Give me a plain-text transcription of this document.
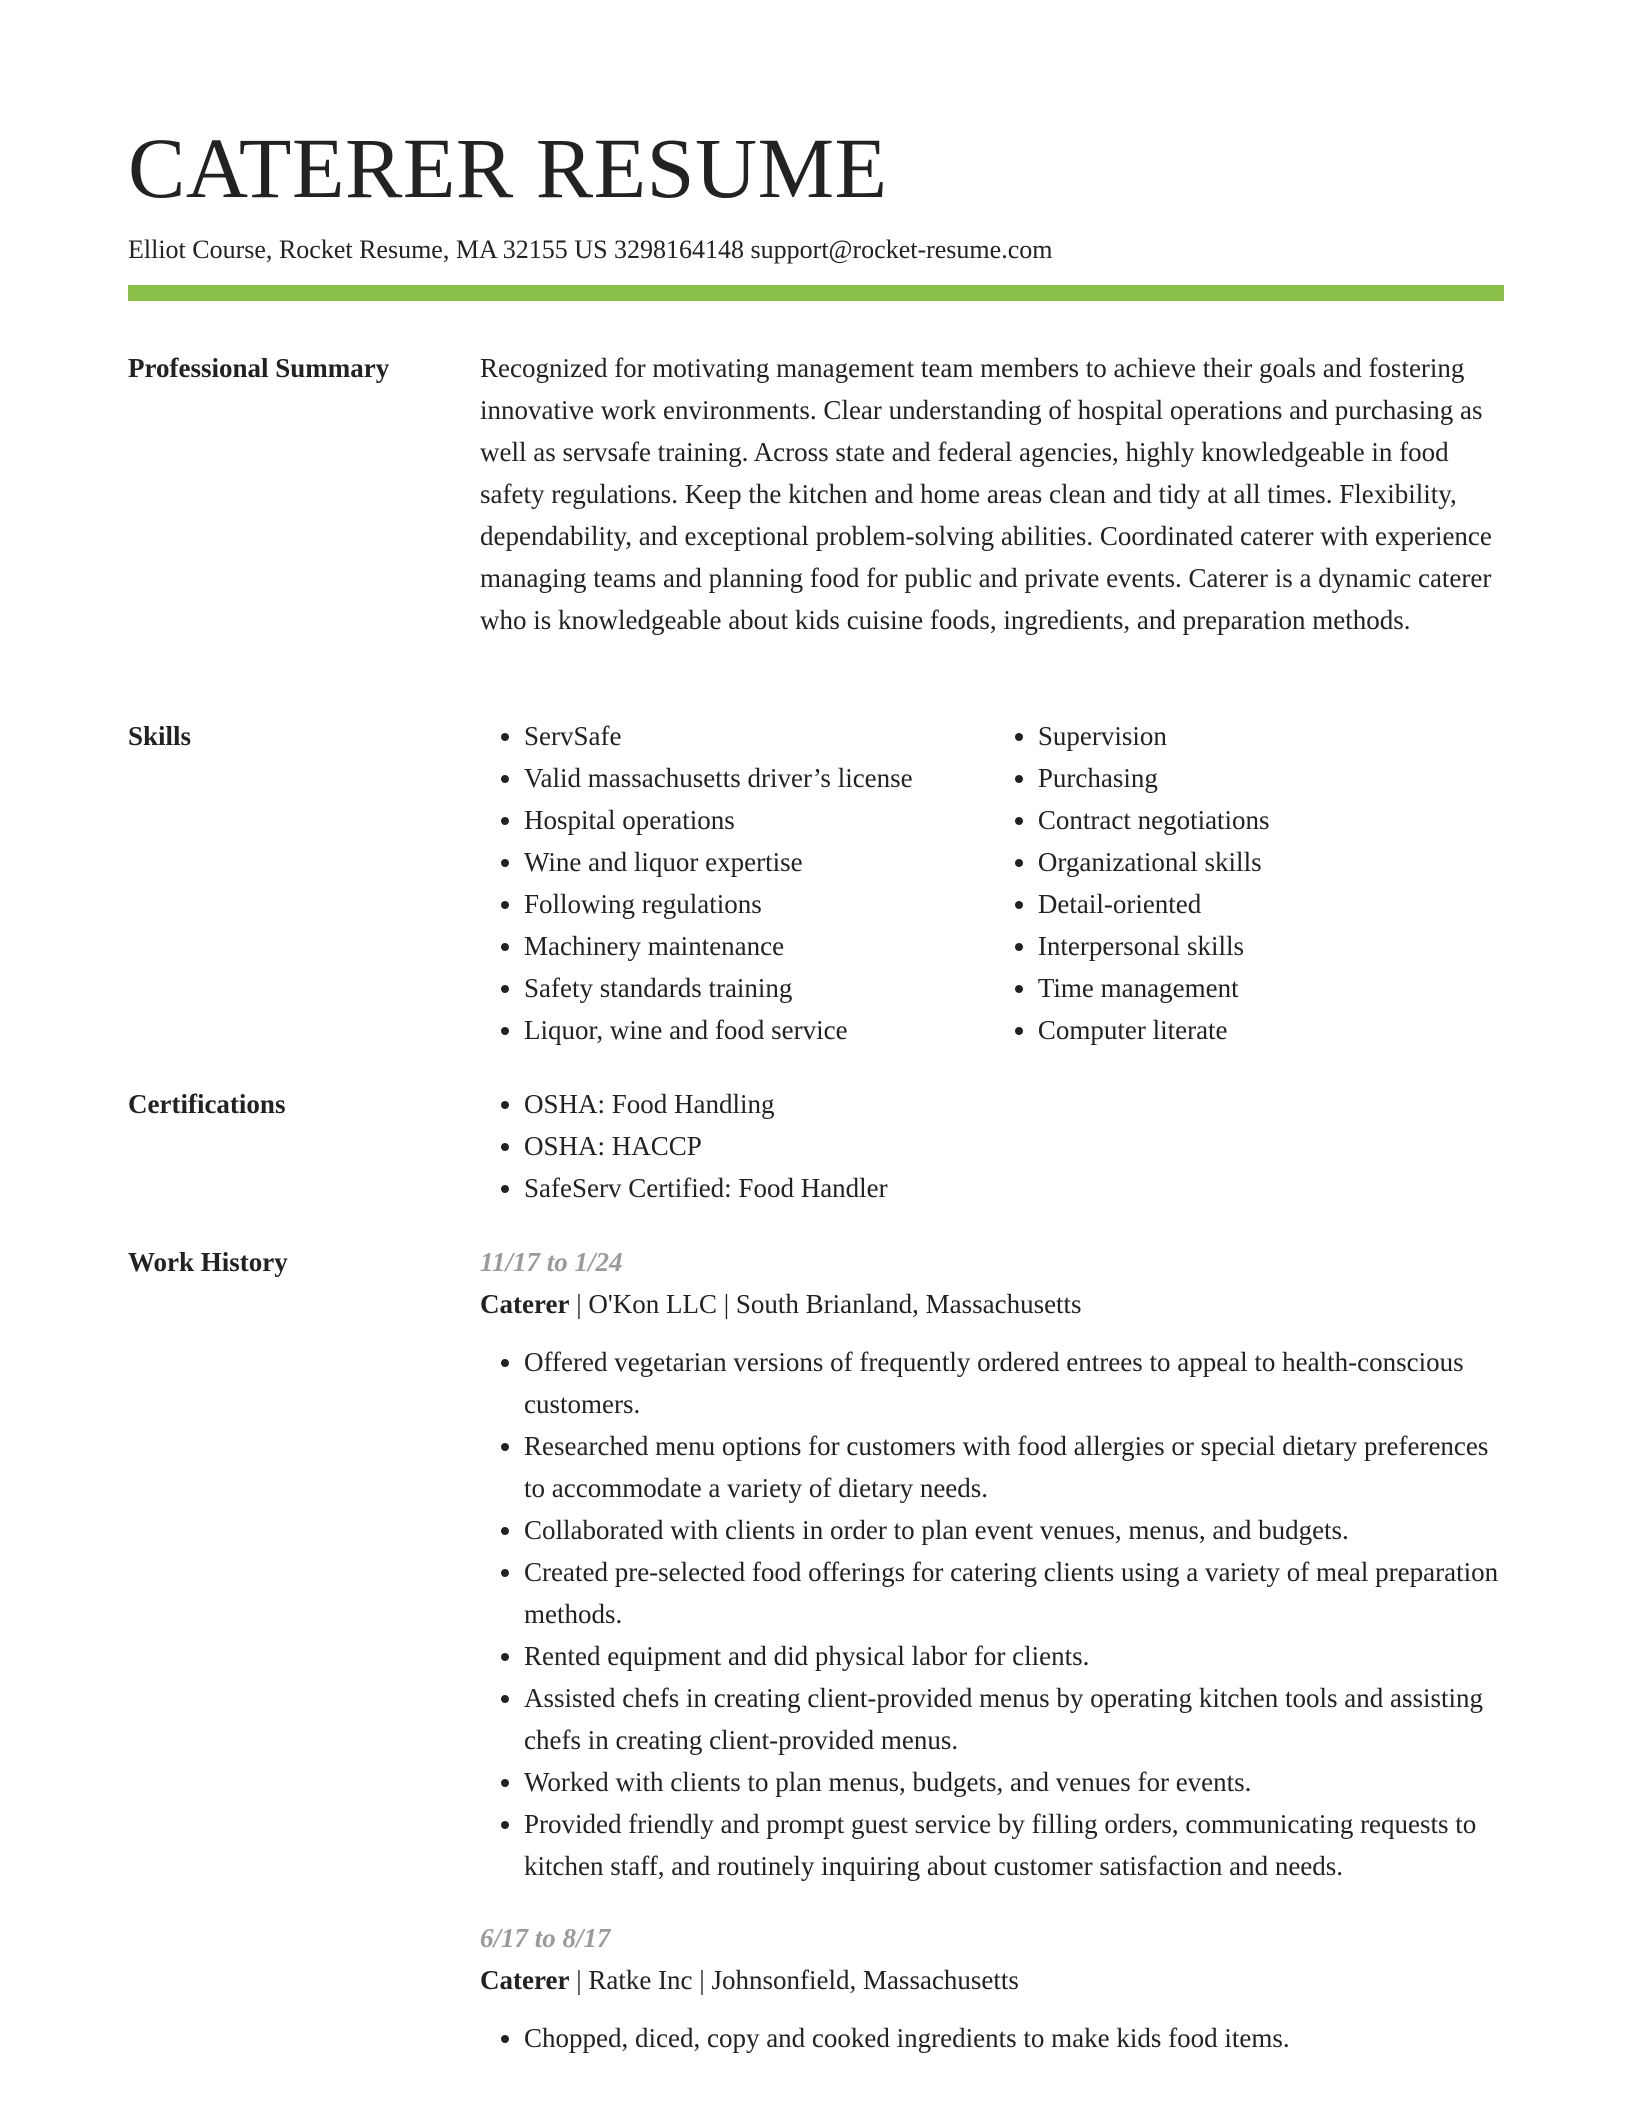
CATERER RESUME
Elliot Course, Rocket Resume, MA 32155 US 3298164148 support@rocket-resume.com
Professional Summary	Recognized for motivating management team members to achieve their goals and fostering innovative work environments. Clear understanding of hospital operations and purchasing as well as servsafe training. Across state and federal agencies, highly knowledgeable in food safety regulations. Keep the kitchen and home areas clean and tidy at all times. Flexibility, dependability, and exceptional problem-solving abilities. Coordinated caterer with experience managing teams and planning food for public and private events. Caterer is a dynamic caterer who is knowledgeable about kids cuisine foods, ingredients, and preparation methods.

Skills	• ServSafe
• Valid massachusetts driver’s license
• Hospital operations
• Wine and liquor expertise
• Following regulations
• Machinery maintenance
• Safety standards training
• Liquor, wine and food service
• Supervision
• Purchasing
• Contract negotiations
• Organizational skills
• Detail-oriented
• Interpersonal skills
• Time management
• Computer literate
Certifications	• OSHA: Food Handling
• OSHA: HACCP
• SafeServ Certified: Food Handler
Work History	11/17 to 1/24
Caterer | O'Kon LLC | South Brianland, Massachusetts
• Offered vegetarian versions of frequently ordered entrees to appeal to health-conscious customers.
• Researched menu options for customers with food allergies or special dietary preferences to accommodate a variety of dietary needs.
• Collaborated with clients in order to plan event venues, menus, and budgets.
• Created pre-selected food offerings for catering clients using a variety of meal preparation methods.
• Rented equipment and did physical labor for clients.
• Assisted chefs in creating client-provided menus by operating kitchen tools and assisting chefs in creating client-provided menus.
• Worked with clients to plan menus, budgets, and venues for events.
• Provided friendly and prompt guest service by filling orders, communicating requests to kitchen staff, and routinely inquiring about customer satisfaction and needs.
6/17 to 8/17
Caterer | Ratke Inc | Johnsonfield, Massachusetts
• Chopped, diced, copy and cooked ingredients to make kids food items.
